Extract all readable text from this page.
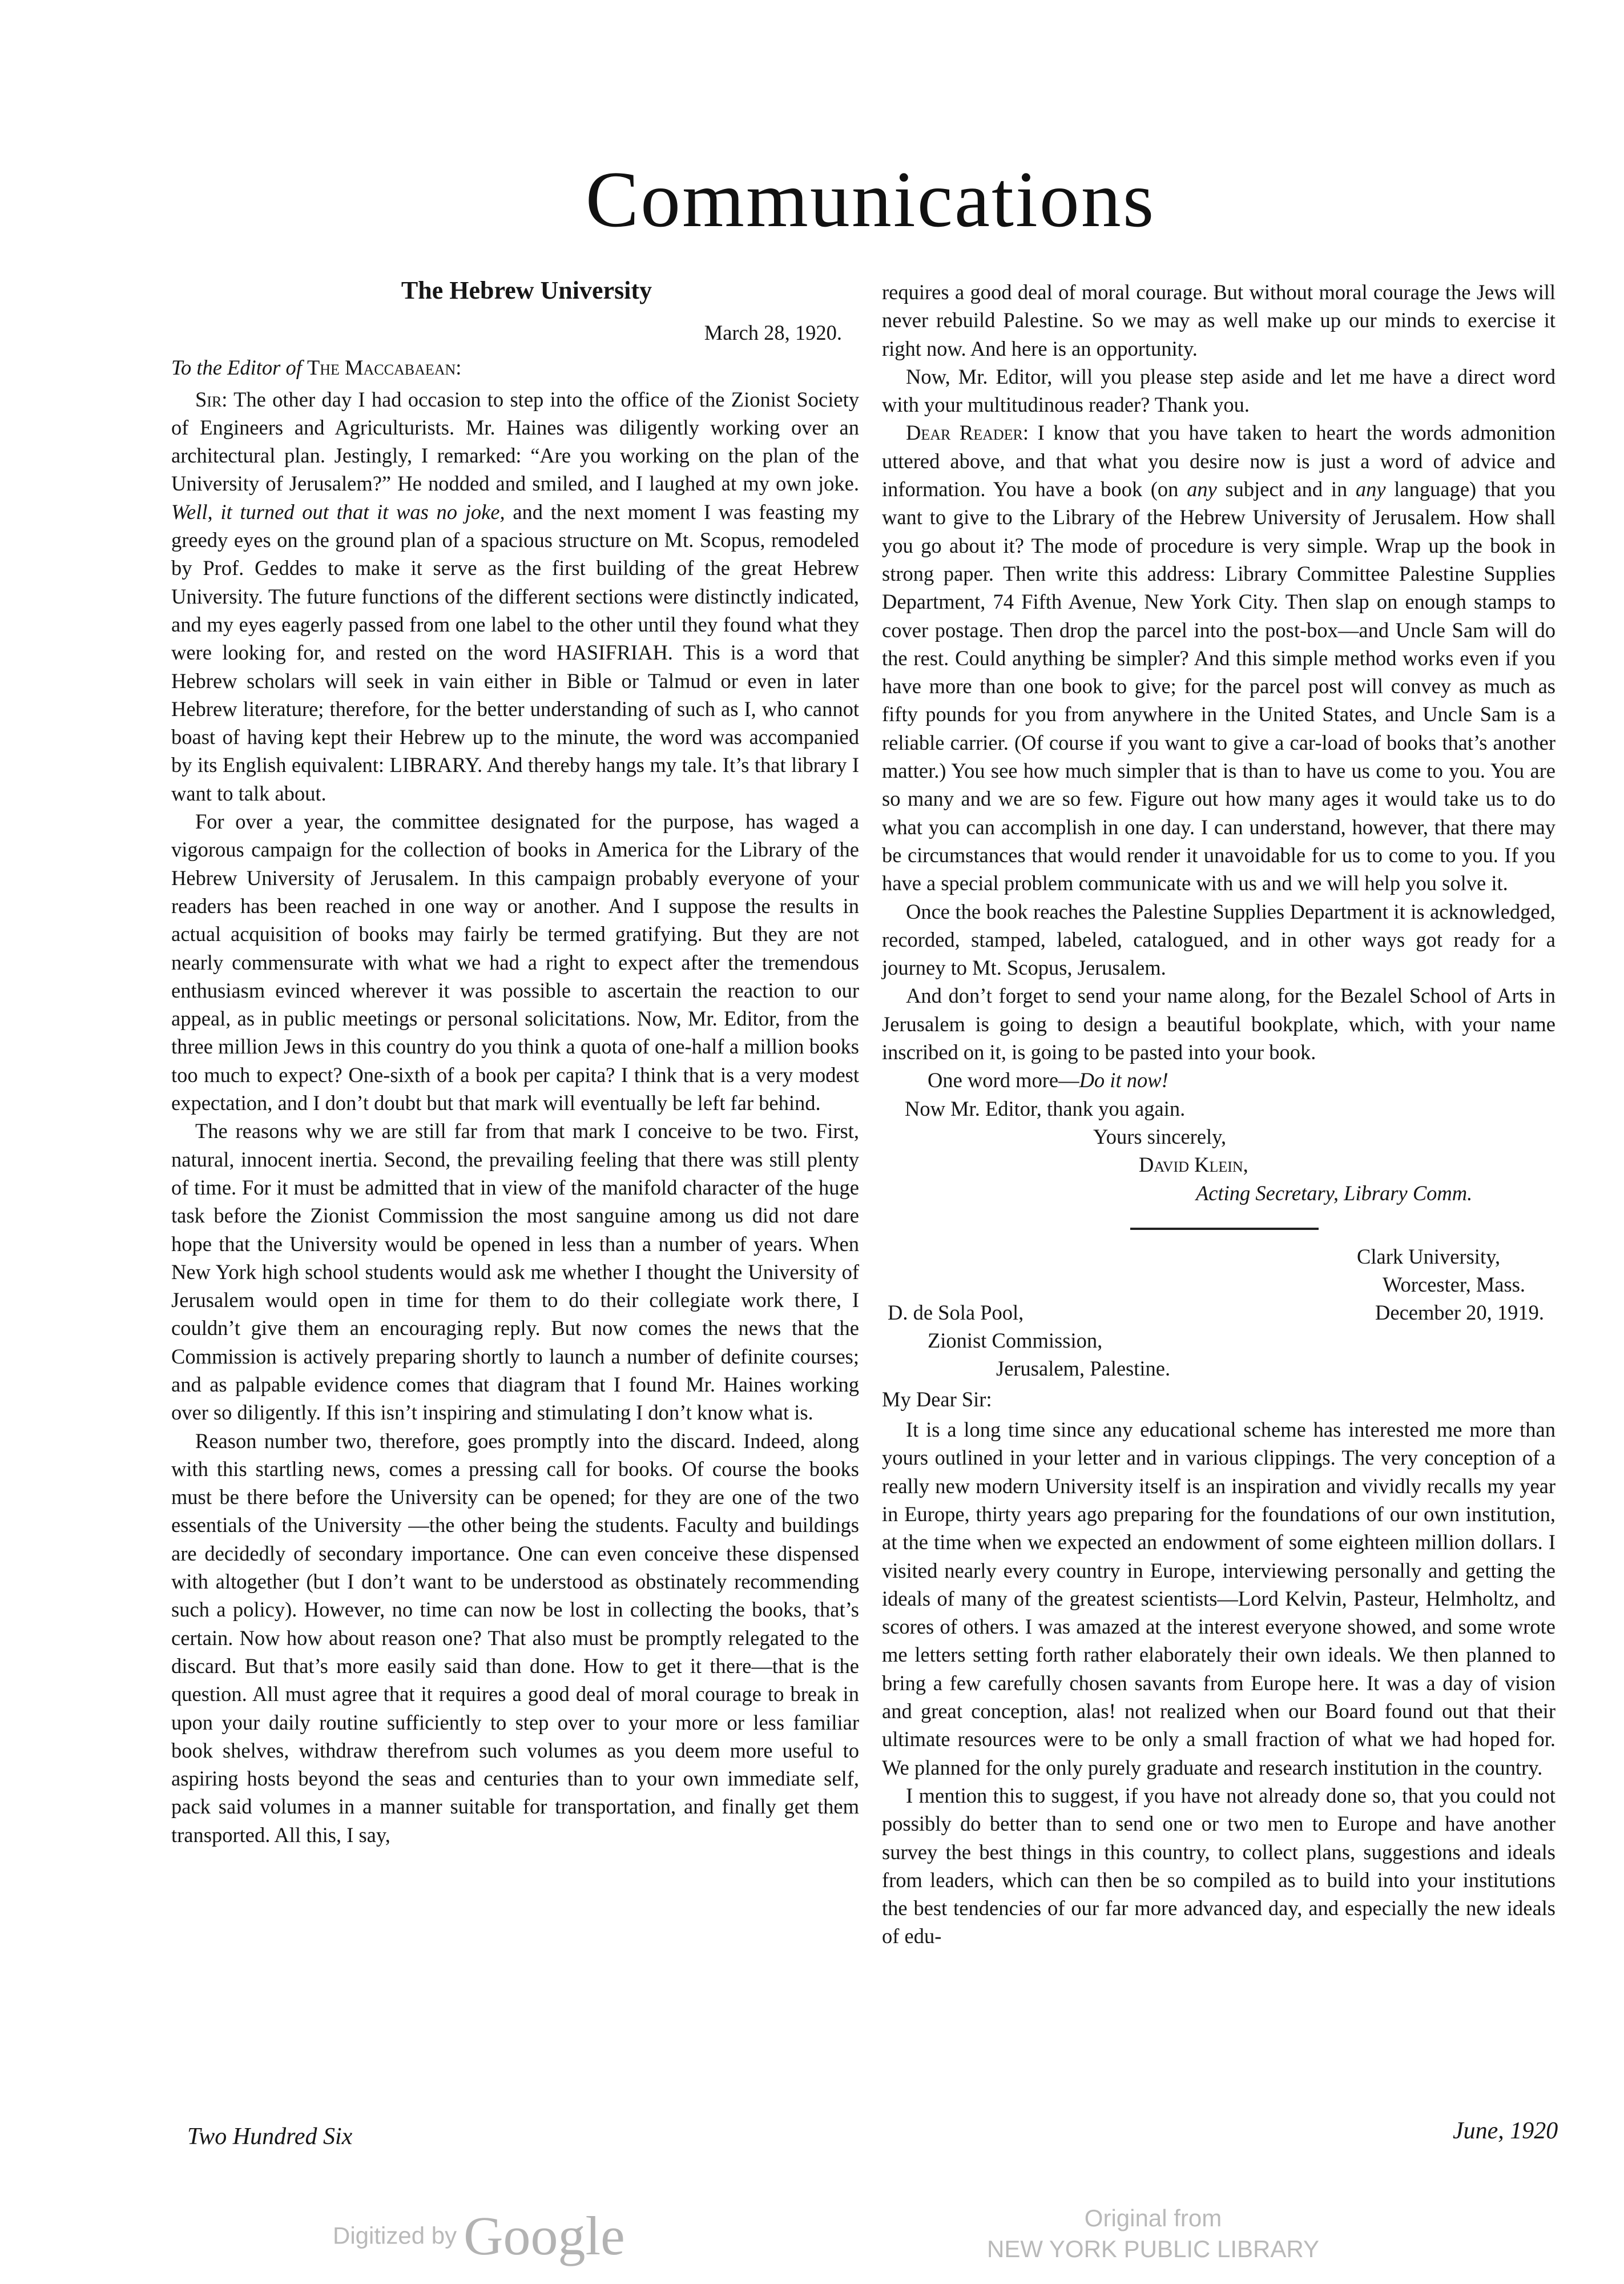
Communications
The Hebrew University
March 28, 1920.
To the Editor of The Maccabaean:

Sir: The other day I had occasion to step into the office of the Zionist Society of Engineers and Agriculturists. Mr. Haines was diligently working over an architectural plan. Jestingly, I remarked: “Are you working on the plan of the University of Jerusalem?” He nodded and smiled, and I laughed at my own joke. Well, it turned out that it was no joke, and the next moment I was feasting my greedy eyes on the ground plan of a spacious structure on Mt. Scopus, remodeled by Prof. Geddes to make it serve as the first building of the great Hebrew University. The future functions of the different sections were distinctly indicated, and my eyes eagerly passed from one label to the other until they found what they were looking for, and rested on the word HASIFRIAH. This is a word that Hebrew scholars will seek in vain either in Bible or Talmud or even in later Hebrew literature; therefore, for the better understanding of such as I, who cannot boast of having kept their Hebrew up to the minute, the word was accompanied by its English equivalent: LIBRARY. And thereby hangs my tale. It’s that library I want to talk about.

For over a year, the committee designated for the purpose, has waged a vigorous campaign for the collection of books in America for the Library of the Hebrew University of Jerusalem. In this campaign probably everyone of your readers has been reached in one way or another. And I suppose the results in actual acquisition of books may fairly be termed gratifying. But they are not nearly commensurate with what we had a right to expect after the tremendous enthusiasm evinced wherever it was possible to ascertain the reaction to our appeal, as in public meetings or personal solicitations. Now, Mr. Editor, from the three million Jews in this country do you think a quota of one-half a million books too much to expect? One-sixth of a book per capita? I think that is a very modest expectation, and I don’t doubt but that mark will eventually be left far behind.

The reasons why we are still far from that mark I conceive to be two. First, natural, innocent inertia. Second, the prevailing feeling that there was still plenty of time. For it must be admitted that in view of the manifold character of the huge task before the Zionist Commission the most sanguine among us did not dare hope that the University would be opened in less than a number of years. When New York high school students would ask me whether I thought the University of Jerusalem would open in time for them to do their collegiate work there, I couldn’t give them an encouraging reply. But now comes the news that the Commission is actively preparing shortly to launch a number of definite courses; and as palpable evidence comes that diagram that I found Mr. Haines working over so diligently. If this isn’t inspiring and stimulating I don’t know what is.

Reason number two, therefore, goes promptly into the discard. Indeed, along with this startling news, comes a pressing call for books. Of course the books must be there before the University can be opened; for they are one of the two essentials of the University —the other being the students. Faculty and buildings are decidedly of secondary importance. One can even conceive these dispensed with altogether (but I don’t want to be understood as obstinately recommending such a policy). However, no time can now be lost in collecting the books, that’s certain. Now how about reason one? That also must be promptly relegated to the discard. But that’s more easily said than done. How to get it there—that is the question. All must agree that it requires a good deal of moral courage to break in upon your daily routine sufficiently to step over to your more or less familiar book shelves, withdraw therefrom such volumes as you deem more useful to aspiring hosts beyond the seas and centuries than to your own immediate self, pack said volumes in a manner suitable for transportation, and finally get them transported. All this, I say,

requires a good deal of moral courage. But without moral courage the Jews will never rebuild Palestine. So we may as well make up our minds to exercise it right now. And here is an opportunity.

Now, Mr. Editor, will you please step aside and let me have a direct word with your multitudinous reader? Thank you.

Dear Reader: I know that you have taken to heart the words admonition uttered above, and that what you desire now is just a word of advice and information. You have a book (on any subject and in any language) that you want to give to the Library of the Hebrew University of Jerusalem. How shall you go about it? The mode of procedure is very simple. Wrap up the book in strong paper. Then write this address: Library Committee Palestine Supplies Department, 74 Fifth Avenue, New York City. Then slap on enough stamps to cover postage. Then drop the parcel into the post-box—and Uncle Sam will do the rest. Could anything be simpler? And this simple method works even if you have more than one book to give; for the parcel post will convey as much as fifty pounds for you from anywhere in the United States, and Uncle Sam is a reliable carrier. (Of course if you want to give a car-load of books that’s another matter.) You see how much simpler that is than to have us come to you. You are so many and we are so few. Figure out how many ages it would take us to do what you can accomplish in one day. I can understand, however, that there may be circumstances that would render it unavoidable for us to come to you. If you have a special problem communicate with us and we will help you solve it.

Once the book reaches the Palestine Supplies Department it is acknowledged, recorded, stamped, labeled, catalogued, and in other ways got ready for a journey to Mt. Scopus, Jerusalem.

And don’t forget to send your name along, for the Bezalel School of Arts in Jerusalem is going to design a beautiful bookplate, which, with your name inscribed on it, is going to be pasted into your book.

One word more—Do it now!

Now Mr. Editor, thank you again.

Yours sincerely,
David Klein,
Acting Secretary, Library Comm.
Clark University,
Worcester, Mass.
December 20, 1919.
D. de Sola Pool,
Zionist Commission,
Jerusalem, Palestine.
My Dear Sir:

It is a long time since any educational scheme has interested me more than yours outlined in your letter and in various clippings. The very conception of a really new modern University itself is an inspiration and vividly recalls my year in Europe, thirty years ago preparing for the foundations of our own institution, at the time when we expected an endowment of some eighteen million dollars. I visited nearly every country in Europe, interviewing personally and getting the ideals of many of the greatest scientists—Lord Kelvin, Pasteur, Helmholtz, and scores of others. I was amazed at the interest everyone showed, and some wrote me letters setting forth rather elaborately their own ideals. We then planned to bring a few carefully chosen savants from Europe here. It was a day of vision and great conception, alas! not realized when our Board found out that their ultimate resources were to be only a small fraction of what we had hoped for. We planned for the only purely graduate and research institution in the country.

I mention this to suggest, if you have not already done so, that you could not possibly do better than to send one or two men to Europe and have another survey the best things in this country, to collect plans, suggestions and ideals from leaders, which can then be so compiled as to build into your institutions the best tendencies of our far more advanced day, and especially the new ideals of edu-

Two Hundred Six	June, 1920
Digitized by Google	Original from
NEW YORK PUBLIC LIBRARY
